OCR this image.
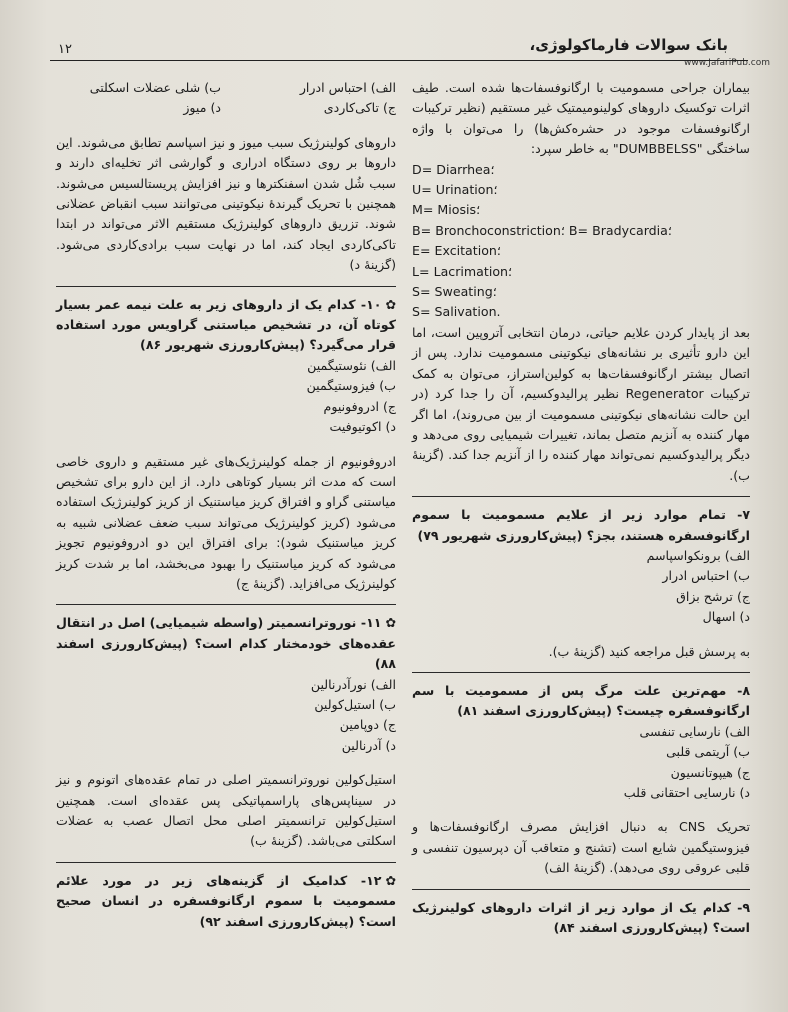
۱۲	بانک سوالات فارماکولوژی،
www.JafariPub.com

بیماران جراحی مسمومیت با ارگانوفسفات‌ها شده است. طیف اثرات توکسیک داروهای کولینومیمتیک غیر مستقیم (نظیر ترکیبات ارگانوفسفات موجود در حشره‌کش‌ها) را می‌توان با واژه ساختگی "DUMBBELSS" به خاطر سپرد:

D= Diarrhea؛

U= Urination؛

M= Miosis؛

B= Bronchoconstriction؛ B= Bradycardia؛

E= Excitation؛

L= Lacrimation؛

S= Sweating؛

S= Salivation.

بعد از پایدار کردن علایم حیاتی، درمان انتخابی آتروپین است، اما این دارو تأثیری بر نشانه‌های نیکوتینی مسمومیت ندارد. پس از اتصال بیشتر ارگانوفسفات‌ها به کولین‌استراز، می‌توان به کمک ترکیبات Regenerator نظیر پرالیدوکسیم، آن را جدا کرد (در این حالت نشانه‌های نیکوتینی مسمومیت از بین می‌روند)، اما اگر مهار کننده به آنزیم متصل بماند، تغییرات شیمیایی روی می‌دهد و دیگر پرالیدوکسیم نمی‌تواند مهار کننده را از آنزیم جدا کند. (گزینهٔ ب).

۷- تمام موارد زیر از علایم مسمومیت با سموم ارگانوفسفره هستند، بجز؟ (پیش‌کارورزی شهریور ۷۹)

الف) برونکواسپاسم

ب) احتباس ادرار

ج) ترشح بزاق

د) اسهال

به پرسش قبل مراجعه کنید (گزینهٔ ب).

۸- مهم‌ترین علت مرگ پس از مسمومیت با سم ارگانوفسفره چیست؟ (پیش‌کارورزی اسفند ۸۱)

الف) نارسایی تنفسی

ب) آریتمی قلبی

ج) هیپوتانسیون

د) نارسایی احتقانی قلب

تحریک CNS به دنبال افزایش مصرف ارگانوفسفات‌ها و فیزوستیگمین شایع است (تشنج و متعاقب آن دپرسیون تنفسی و قلبی عروقی روی می‌دهد). (گزینهٔ الف)

۹- کدام یک از موارد زیر از اثرات داروهای کولینرژیک است؟ (پیش‌کارورزی اسفند ۸۴)

الف) احتباس ادرار

ب) شلی عضلات اسکلتی

ج) تاکی‌کاردی

د) میوز

داروهای کولینرژیک سبب میوز و نیز اسپاسم تطابق می‌شوند. این داروها بر روی دستگاه ادراری و گوارشی اثر تخلیه‌ای دارند و سبب شُل شدن اسفنکترها و نیز افزایش پریستالسیس می‌شوند. همچنین با تحریک گیرندهٔ نیکوتینی می‌توانند سبب انقباض عضلانی شوند. تزریق داروهای کولینرژیک مستقیم الاثر می‌تواند در ابتدا تاکی‌کاردی ایجاد کند، اما در نهایت سبب برادی‌کاردی می‌شود. (گزینهٔ د)

✿۱۰- کدام یک از داروهای زیر به علت نیمه عمر بسیار کوتاه آن، در تشخیص میاستنی گراویس مورد استفاده قرار می‌گیرد؟ (پیش‌کارورزی شهریور ۸۶)

الف) نئوستیگمین

ب) فیزوستیگمین

ج) ادروفونیوم

د) اکوتیوفیت

ادروفونیوم از جمله کولینرژیک‌های غیر مستقیم و داروی خاصی است که مدت اثر بسیار کوتاهی دارد. از این دارو برای تشخیص میاستنی گراو و افتراق کریز میاستنیک از کریز کولینرژیک استفاده می‌شود (کریز کولینرژیک می‌تواند سبب ضعف عضلانی شبیه به کریز میاستنیک شود): برای افتراق این دو ادروفونیوم تجویز می‌شود که کریز میاستنیک را بهبود می‌بخشد، اما بر شدت کریز کولینرژیک می‌افزاید. (گزینهٔ ج)

✿۱۱- نوروترانسمیتر (واسطه شیمیایی) اصل در انتقال عقده‌های خودمختار کدام است؟ (پیش‌کارورزی اسفند ۸۸)

الف) نورآدرنالین

ب) استیل‌کولین

ج) دوپامین

د) آدرنالین

استیل‌کولین نوروترانسمیتر اصلی در تمام عقده‌های اتونوم و نیز در سیناپس‌های پاراسمپاتیکی پس عقده‌ای است. همچنین استیل‌کولین ترانسمیتر اصلی محل اتصال عصب به عضلات اسکلتی می‌باشد. (گزینهٔ ب)

✿۱۲- کدامیک از گزینه‌های زیر در مورد علائم مسمومیت با سموم ارگانوفسفره در انسان صحیح است؟ (پیش‌کارورزی اسفند ۹۲)
